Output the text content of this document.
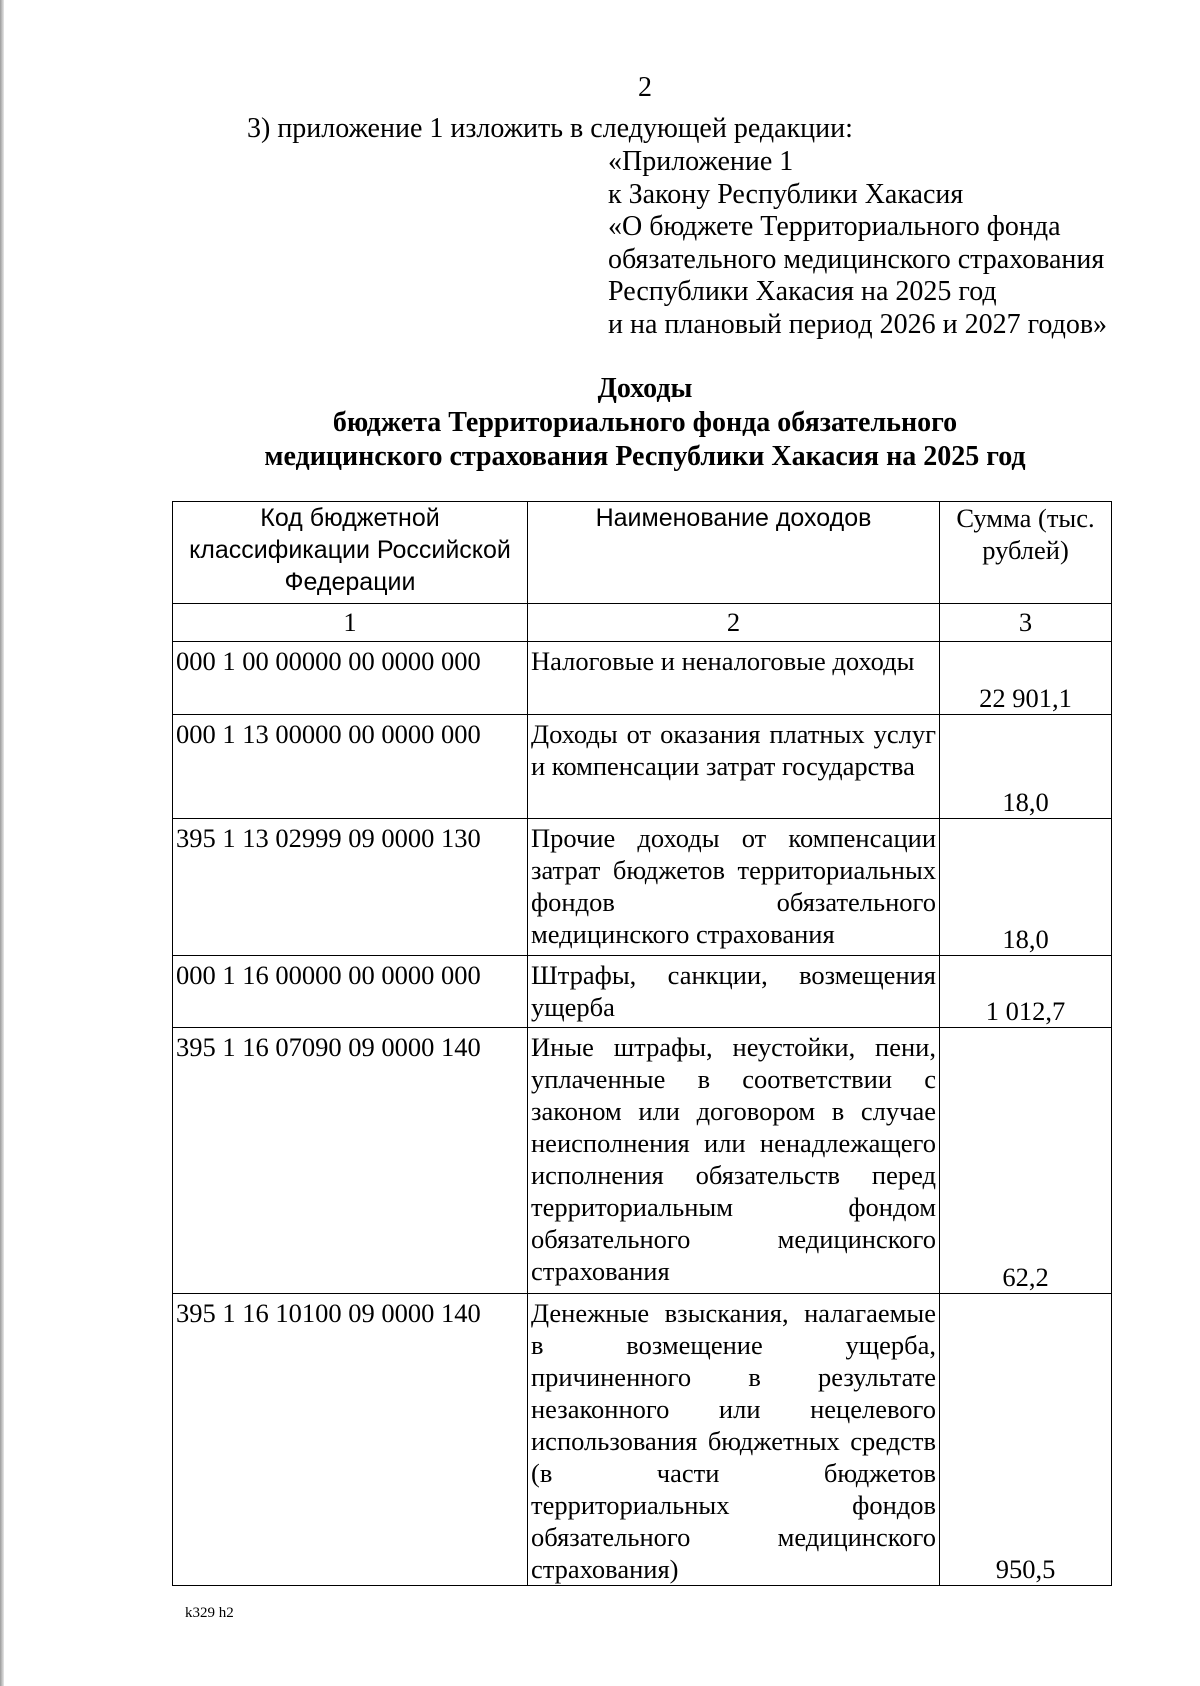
2
3) приложение 1 изложить в следующей редакции:
«Приложение 1
к Закону Республики Хакасия
«О бюджете Территориального фонда
обязательного медицинского страхования
Республики Хакасия на 2025 год
и на плановый период 2026 и 2027 годов»
Доходы
бюджета Территориального фонда обязательного
медицинского страхования Республики Хакасия на 2025 год
Код бюджетной классификации Российской Федерации	Наименование доходов	Сумма (тыс. рублей)
1	2	3
000 1 00 00000 00 0000 000	Налоговые и неналоговые доходы	22 901,1
000 1 13 00000 00 0000 000	Доходы от оказания платных услуг и компенсации затрат государства	18,0
395 1 13 02999 09 0000 130	Прочие доходы от компенсации затрат бюджетов территориальных фондов обязательного медицинского страхования	18,0
000 1 16 00000 00 0000 000	Штрафы, санкции, возмещения ущерба	1 012,7
395 1 16 07090 09 0000 140	Иные штрафы, неустойки, пени, уплаченные в соответствии с законом или договором в случае неисполнения или ненадлежащего исполнения обязательств перед территориальным фондом обязательного медицинского страхования	62,2
395 1 16 10100 09 0000 140	Денежные взыскания, налагаемые в возмещение ущерба, причиненного в результате незаконного или нецелевого использования бюджетных средств (в части бюджетов территориальных фондов обязательного медицинского страхования)	950,5
k329 h2
